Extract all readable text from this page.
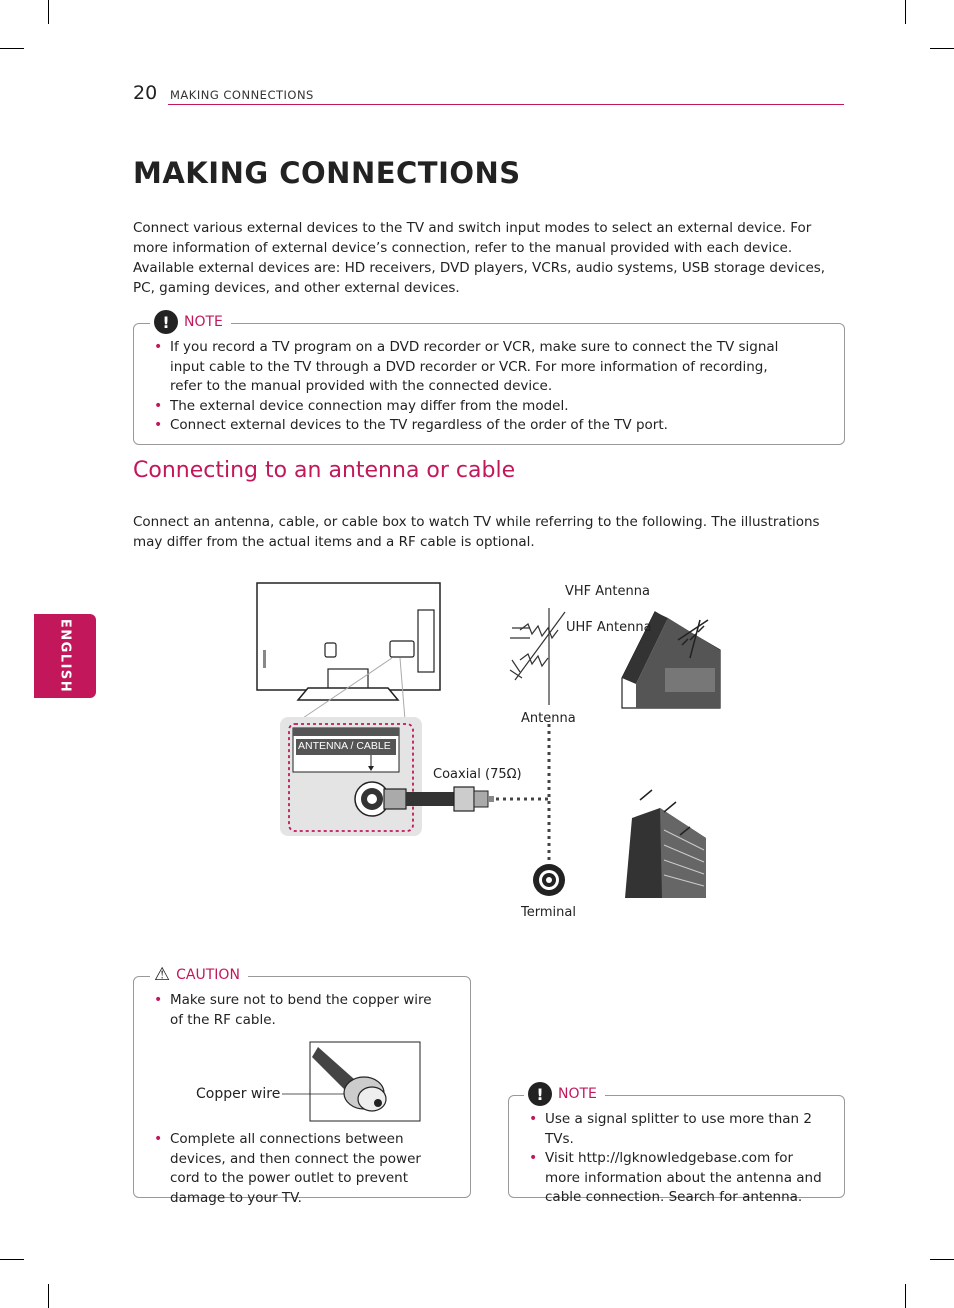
20 MAKING CONNECTIONS
ENGLISH
MAKING CONNECTIONS

Connect various external devices to the TV and switch input modes to select an external device. For more information of external device’s connection, refer to the manual provided with each device.

Available external devices are: HD receivers, DVD players, VCRs, audio systems, USB storage devices, PC, gaming devices, and other external devices.

• If you record a TV program on a DVD recorder or VCR, make sure to connect the TV signal input cable to the TV through a DVD recorder or VCR. For more information of recording, refer to the manual provided with the connected device.
• The external device connection may differ from the model.
• Connect external devices to the TV regardless of the order of the TV port.
!	NOTE
Connecting to an antenna or cable

Connect an antenna, cable, or cable box to watch TV while referring to the following. The illustrations may differ from the actual items and a RF cable is optional.

ANTENNA / CABLE
VHF Antenna
UHF Antenna
Antenna
Coaxial (75Ω)
Terminal
• Make sure not to bend the copper wire of the RF cable.
• Complete all connections between devices, and then connect the power cord to the power outlet to prevent damage to your TV.
⚠ CAUTION
Copper wire
• Use a signal splitter to use more than 2 TVs.
• Visit http://lgknowledgebase.com for more information about the antenna and cable connection. Search for antenna.
!	NOTE
